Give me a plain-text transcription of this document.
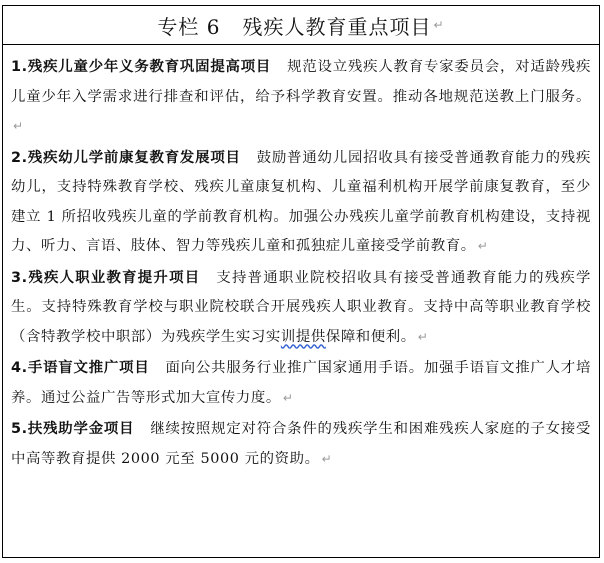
专栏 6 残疾人教育重点项目 ↵

1.残疾儿童少年义务教育巩固提高项目 规范设立残疾人教育专家委员会，对适龄残疾儿童少年入学需求进行排查和评估，给予科学教育安置。推动各地规范送教上门服务。↵

2.残疾幼儿学前康复教育发展项目 鼓励普通幼儿园招收具有接受普通教育能力的残疾幼儿，支持特殊教育学校、残疾儿童康复机构、儿童福利机构开展学前康复教育，至少建立 1 所招收残疾儿童的学前教育机构。加强公办残疾儿童学前教育机构建设，支持视力、听力、言语、肢体、智力等残疾儿童和孤独症儿童接受学前教育。 ↵

3.残疾人职业教育提升项目 支持普通职业院校招收具有接受普通教育能力的残疾学生。支持特殊教育学校与职业院校联合开展残疾人职业教育。支持中高等职业教育学校（含特教学校中职部）为残疾学生实习实训提供保障和便利。 ↵

4.手语盲文推广项目 面向公共服务行业推广国家通用手语。加强手语盲文推广人才培养。通过公益广告等形式加大宣传力度。 ↵

5.扶残助学金项目 继续按照规定对符合条件的残疾学生和困难残疾人家庭的子女接受中高等教育提供 2000 元至 5000 元的资助。 ↵
